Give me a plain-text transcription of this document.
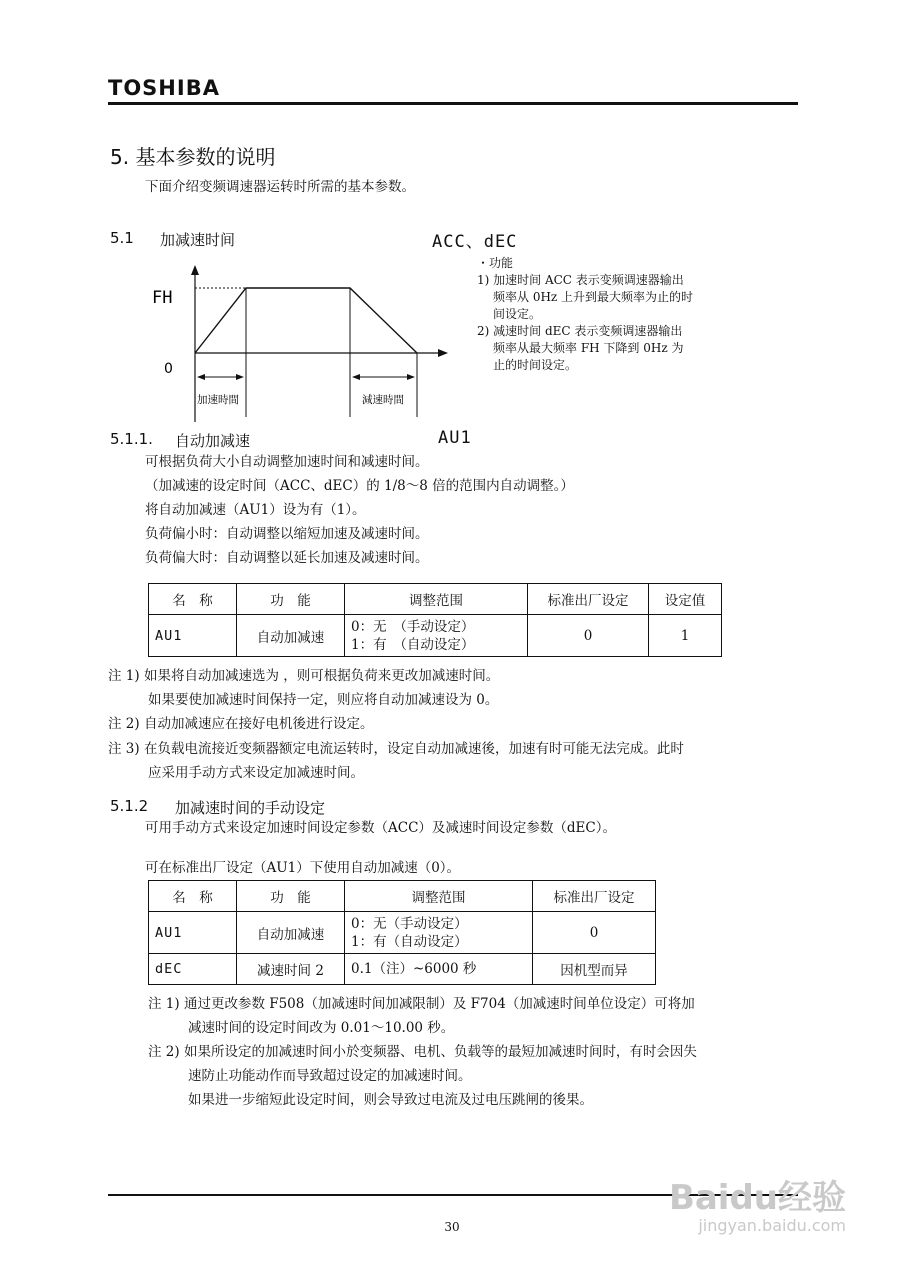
TOSHIBA
5. 基本参数的说明
下面介绍变频调速器运转时所需的基本参数。
5.1 加减速时间	ACC、dEC
FH
0
加速時間	減速時間
・功能
1) 加速时间 ACC 表示变频调速器输出
频率从 0Hz 上升到最大频率为止的时
间设定。
2) 减速时间 dEC 表示变频调速器输出
频率从最大频率 FH 下降到 0Hz 为
止的时间设定。
5.1.1. 自动加减速	AU1
可根据负荷大小自动调整加速时间和减速时间。
（加减速的设定时间（ACC、dEC）的 1/8～8 倍的范围内自动调整。）
将自动加减速（AU1）设为有（1）。
负荷偏小时：自动调整以缩短加速及减速时间。
负荷偏大时：自动调整以延长加速及减速时间。
名　称	功　能	调整范围	标准出厂设定	设定值
AU1	自动加减速	0：无　（手动设定）
1：有　（自动设定）	0	1
注 1) 如果将自动加减速选为 ，则可根据负荷来更改加减速时间。
如果要使加减速时间保持一定，则应将自动加减速设为 0。
注 2) 自动加减速应在接好电机後进行设定。
注 3) 在负载电流接近变频器额定电流运转时，设定自动加减速後，加速有时可能无法完成。此时
应采用手动方式来设定加减速时间。
5.1.2 加减速时间的手动设定
可用手动方式来设定加速时间设定参数（ACC）及减速时间设定参数（dEC）。
可在标准出厂设定（AU1）下使用自动加减速（0）。
名　称	功　能	调整范围	标准出厂设定
AU1	自动加减速	0：无（手动设定）
1：有（自动设定）	0
dEC	减速时间 2	0.1（注）~6000 秒	因机型而异
注 1) 通过更改参数 F508（加减速时间加减限制）及 F704（加减速时间单位设定）可将加
减速时间的设定时间改为 0.01～10.00 秒。
注 2) 如果所设定的加减速时间小於变频器、电机、负载等的最短加减速时间时，有时会因失
速防止功能动作而导致超过设定的加减速时间。
如果进一步缩短此设定时间，则会导致过电流及过电压跳闸的後果。
30
Baidu经验
jingyan.baidu.com
